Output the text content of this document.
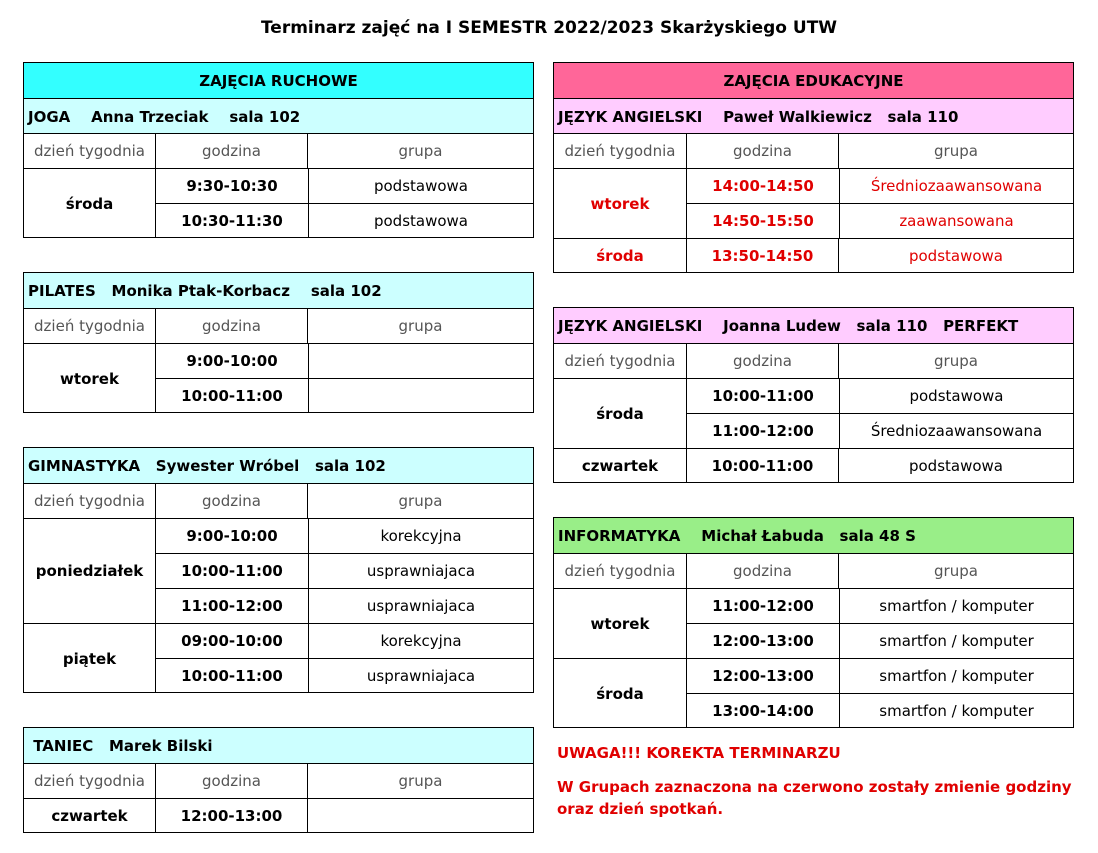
Terminarz zajęć na I SEMESTR 2022/2023 Skarżyskiego UTW
ZAJĘCIA RUCHOWE
JOGA    Anna Trzeciak    sala 102
dzień tygodnia	godzina	grupa
środa
9:30-10:30	podstawowa
10:30-11:30	podstawowa
PILATES   Monika Ptak-Korbacz    sala 102
dzień tygodnia	godzina	grupa
wtorek
9:00-10:00
10:00-11:00
GIMNASTYKA   Sywester Wróbel   sala 102
dzień tygodnia	godzina	grupa
poniedziałek
9:00-10:00	korekcyjna
10:00-11:00	usprawniajaca
11:00-12:00	usprawniajaca
piątek
09:00-10:00	korekcyjna
10:00-11:00	usprawniajaca
TANIEC   Marek Bilski
dzień tygodnia	godzina	grupa
czwartek	12:00-13:00
ZAJĘCIA EDUKACYJNE
JĘZYK ANGIELSKI    Paweł Walkiewicz   sala 110
dzień tygodnia	godzina	grupa
wtorek
14:00-14:50	Średniozaawansowana
14:50-15:50	zaawansowana
środa	13:50-14:50	podstawowa
JĘZYK ANGIELSKI    Joanna Ludew   sala 110   PERFEKT
dzień tygodnia	godzina	grupa
środa
10:00-11:00	podstawowa
11:00-12:00	Średniozaawansowana
czwartek	10:00-11:00	podstawowa
INFORMATYKA    Michał Łabuda   sala 48 S
dzień tygodnia	godzina	grupa
wtorek
11:00-12:00	smartfon / komputer
12:00-13:00	smartfon / komputer
środa
12:00-13:00	smartfon / komputer
13:00-14:00	smartfon / komputer
UWAGA!!! KOREKTA TERMINARZU
W Grupach zaznaczona na czerwono zostały zmienie godziny
oraz dzień spotkań.
